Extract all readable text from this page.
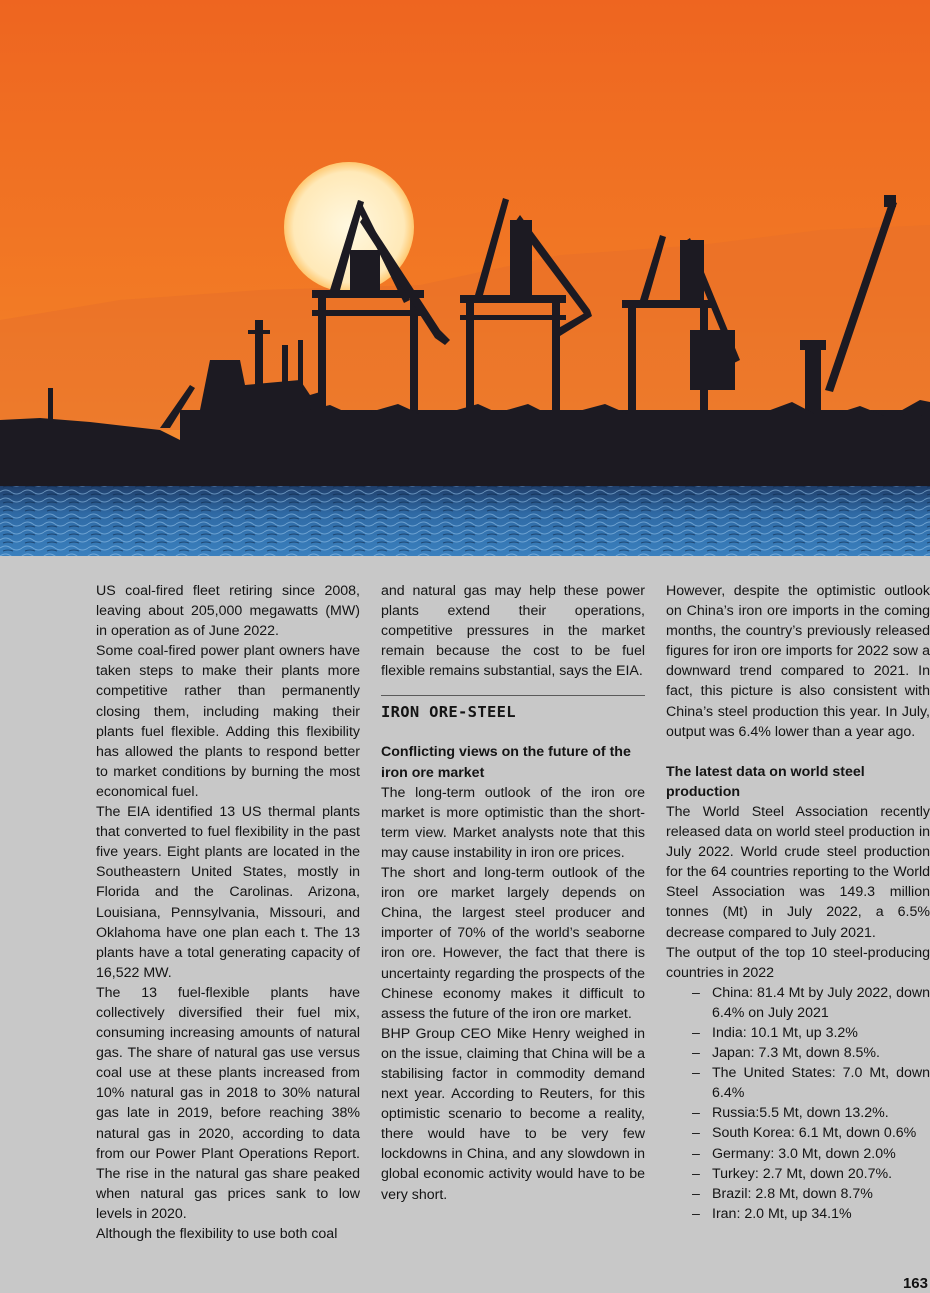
US coal-fired fleet retiring since 2008, leaving about 205,000 megawatts (MW) in operation as of June 2022.

Some coal-fired power plant owners have taken steps to make their plants more competitive rather than permanently closing them, including making their plants fuel flexible. Adding this flexibility has allowed the plants to respond better to market conditions by burning the most economical fuel.

The EIA identified 13 US thermal plants that converted to fuel flexibility in the past five years. Eight plants are located in the Southeastern United States, mostly in Florida and the Carolinas. Arizona, Louisiana, Pennsylvania, Missouri, and Oklahoma have one plan each t. The 13 plants have a total generating capacity of 16,522 MW.

The 13 fuel-flexible plants have collectively diversified their fuel mix, consuming increasing amounts of natural gas. The share of natural gas use versus coal use at these plants increased from 10% natural gas in 2018 to 30% natural gas late in 2019, before reaching 38% natural gas in 2020, according to data from our Power Plant Operations Report. The rise in the natural gas share peaked when natural gas prices sank to low levels in 2020.

Although the flexibility to use both coal

and natural gas may help these power plants extend their operations, competitive pressures in the market remain because the cost to be fuel flexible remains substantial, says the EIA.

IRON ORE-STEEL
Conflicting views on the future of the iron ore market

The long-term outlook of the iron ore market is more optimistic than the short-term view. Market analysts note that this may cause instability in iron ore prices.

The short and long-term outlook of the iron ore market largely depends on China, the largest steel producer and importer of 70% of the world’s seaborne iron ore. However, the fact that there is uncertainty regarding the prospects of the Chinese economy makes it difficult to assess the future of the iron ore market.

BHP Group CEO Mike Henry weighed in on the issue, claiming that China will be a stabilising factor in commodity demand next year. According to Reuters, for this optimistic scenario to become a reality, there would have to be very few lockdowns in China, and any slowdown in global economic activity would have to be very short.

However, despite the optimistic outlook on China’s iron ore imports in the coming months, the country’s previously released figures for iron ore imports for 2022 sow a downward trend compared to 2021. In fact, this picture is also consistent with China’s steel production this year. In July, output was 6.4% lower than a year ago.

The latest data on world steel production

The World Steel Association recently released data on world steel production in July 2022. World crude steel production for the 64 countries reporting to the World Steel Association was 149.3 million tonnes (Mt) in July 2022, a 6.5% decrease compared to July 2021.

The output of the top 10 steel-producing countries in 2022

– China: 81.4 Mt by July 2022, down 6.4% on July 2021
– India: 10.1 Mt, up 3.2%
– Japan: 7.3 Mt, down 8.5%.
– The United States: 7.0 Mt, down 6.4%
– Russia:5.5 Mt, down 13.2%.
– South Korea: 6.1 Mt, down 0.6%
– Germany: 3.0 Mt, down 2.0%
– Turkey: 2.7 Mt, down 20.7%.
– Brazil: 2.8 Mt, down 8.7%
– Iran: 2.0 Mt, up 34.1%
163
